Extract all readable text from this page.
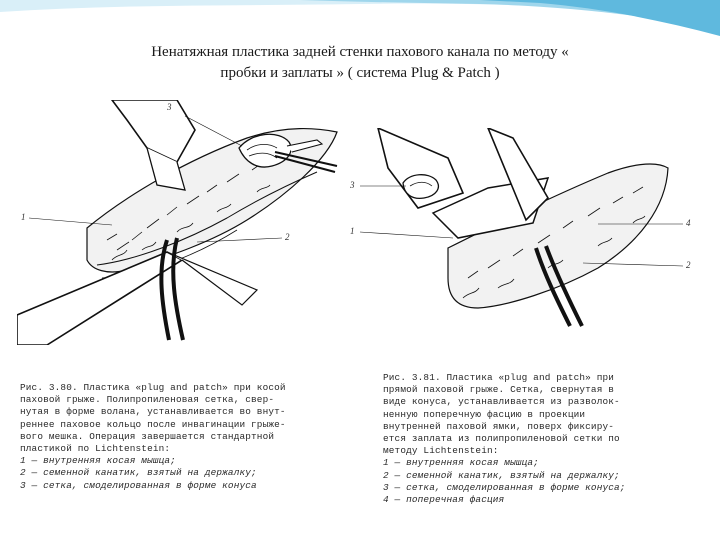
Ненатяжная пластика задней стенки пахового канала по методу «
пробки и заплаты » ( система Plug & Patch )
3
1
2
3
1
4
2
Рис. 3.80. Пластика «plug and patch» при косой
паховой грыже. Полипропиленовая сетка, свер-
нутая в форме волана, устанавливается во внут-
реннее паховое кольцо после инвагинации грыже-
вого мешка. Операция завершается стандартной
пластикой по Lichtenstein:
1 — внутренняя косая мышца;
2 — семенной канатик, взятый на держалку;
3 — сетка, смоделированная в форме конуса
Рис. 3.81. Пластика «plug and patch» при
прямой паховой грыже. Сетка, свернутая в
виде конуса, устанавливается из разволок-
ненную поперечную фасцию в проекции
внутренней паховой ямки, поверх фиксиру-
ется заплата из полипропиленовой сетки по
методу Lichtenstein:
1 — внутренняя косая мышца;
2 — семенной канатик, взятый на держалку;
3 — сетка, смоделированная в форме конуса;
4 — поперечная фасция
